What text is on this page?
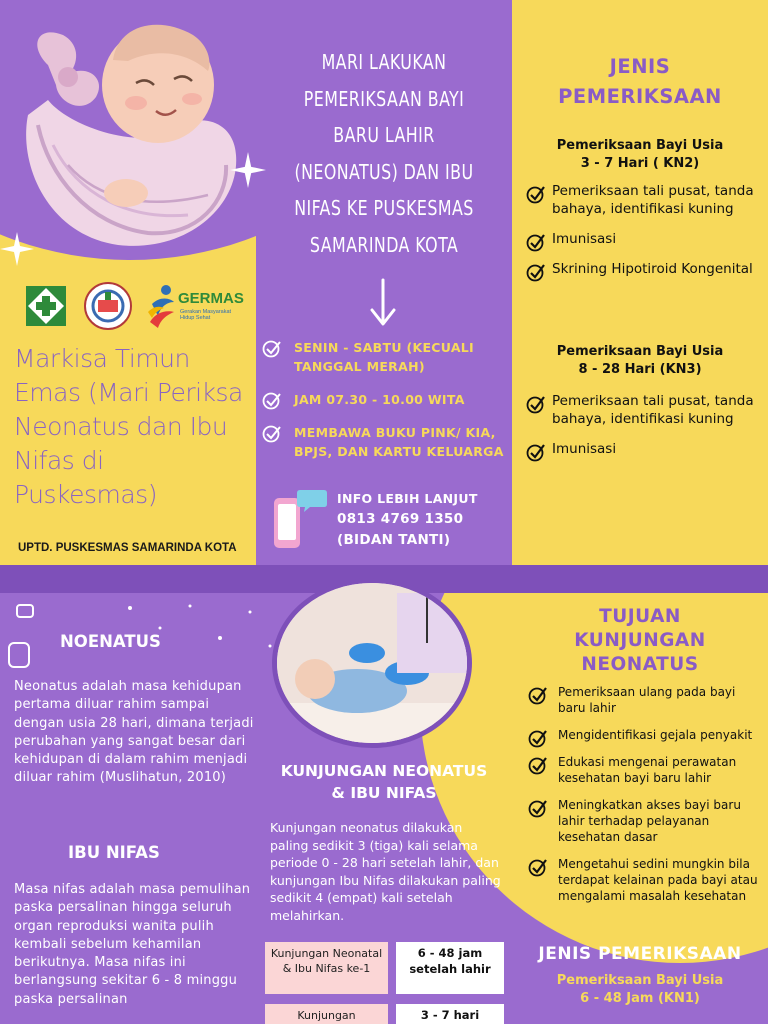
GERMAS
Gerakan Masyarakat Hidup Sehat
Markisa Timun Emas (Mari Periksa Neonatus dan Ibu Nifas di Puskesmas)
UPTD. PUSKESMAS SAMARINDA KOTA
MARI LAKUKAN PEMERIKSAAN BAYI BARU LAHIR (NEONATUS) DAN IBU NIFAS KE PUSKESMAS SAMARINDA KOTA
SENIN - SABTU (KECUALI TANGGAL MERAH)
JAM 07.30 - 10.00 WITA
MEMBAWA BUKU PINK/ KIA, BPJS, DAN KARTU KELUARGA
INFO LEBIH LANJUT
0813 4769 1350
(BIDAN TANTI)
JENIS
PEMERIKSAAN
Pemeriksaan Bayi Usia
3 - 7 Hari ( KN2)
Pemeriksaan tali pusat, tanda bahaya, identifikasi kuning
Imunisasi
Skrining Hipotiroid Kongenital
Pemeriksaan Bayi Usia
8 - 28 Hari (KN3)
Pemeriksaan tali pusat, tanda bahaya, identifikasi kuning
Imunisasi
NOENATUS
Neonatus adalah masa kehidupan pertama diluar rahim sampai dengan usia 28 hari, dimana terjadi perubahan yang sangat besar dari kehidupan di dalam rahim menjadi diluar rahim (Muslihatun, 2010)
IBU NIFAS
Masa nifas adalah masa pemulihan paska persalinan hingga seluruh organ reproduksi wanita pulih kembali sebelum kehamilan berikutnya. Masa nifas ini berlangsung sekitar 6 - 8 minggu paska persalinan
KUNJUNGAN NEONATUS
& IBU NIFAS
Kunjungan neonatus dilakukan paling sedikit 3 (tiga) kali selama periode 0 - 28 hari setelah lahir, dan kunjungan Ibu Nifas dilakukan paling sedikit 4 (empat) kali setelah melahirkan.
Kunjungan Neonatal & Ibu Nifas ke-1
6 - 48 jam setelah lahir
Kunjungan	3 - 7 hari
TUJUAN
KUNJUNGAN
NEONATUS
Pemeriksaan ulang pada bayi baru lahir
Mengidentifikasi gejala penyakit
Edukasi mengenai perawatan kesehatan bayi baru lahir
Meningkatkan akses bayi baru lahir terhadap pelayanan kesehatan dasar
Mengetahui sedini mungkin bila terdapat kelainan pada bayi atau mengalami masalah kesehatan
JENIS PEMERIKSAAN
Pemeriksaan Bayi Usia
6 - 48 Jam (KN1)
